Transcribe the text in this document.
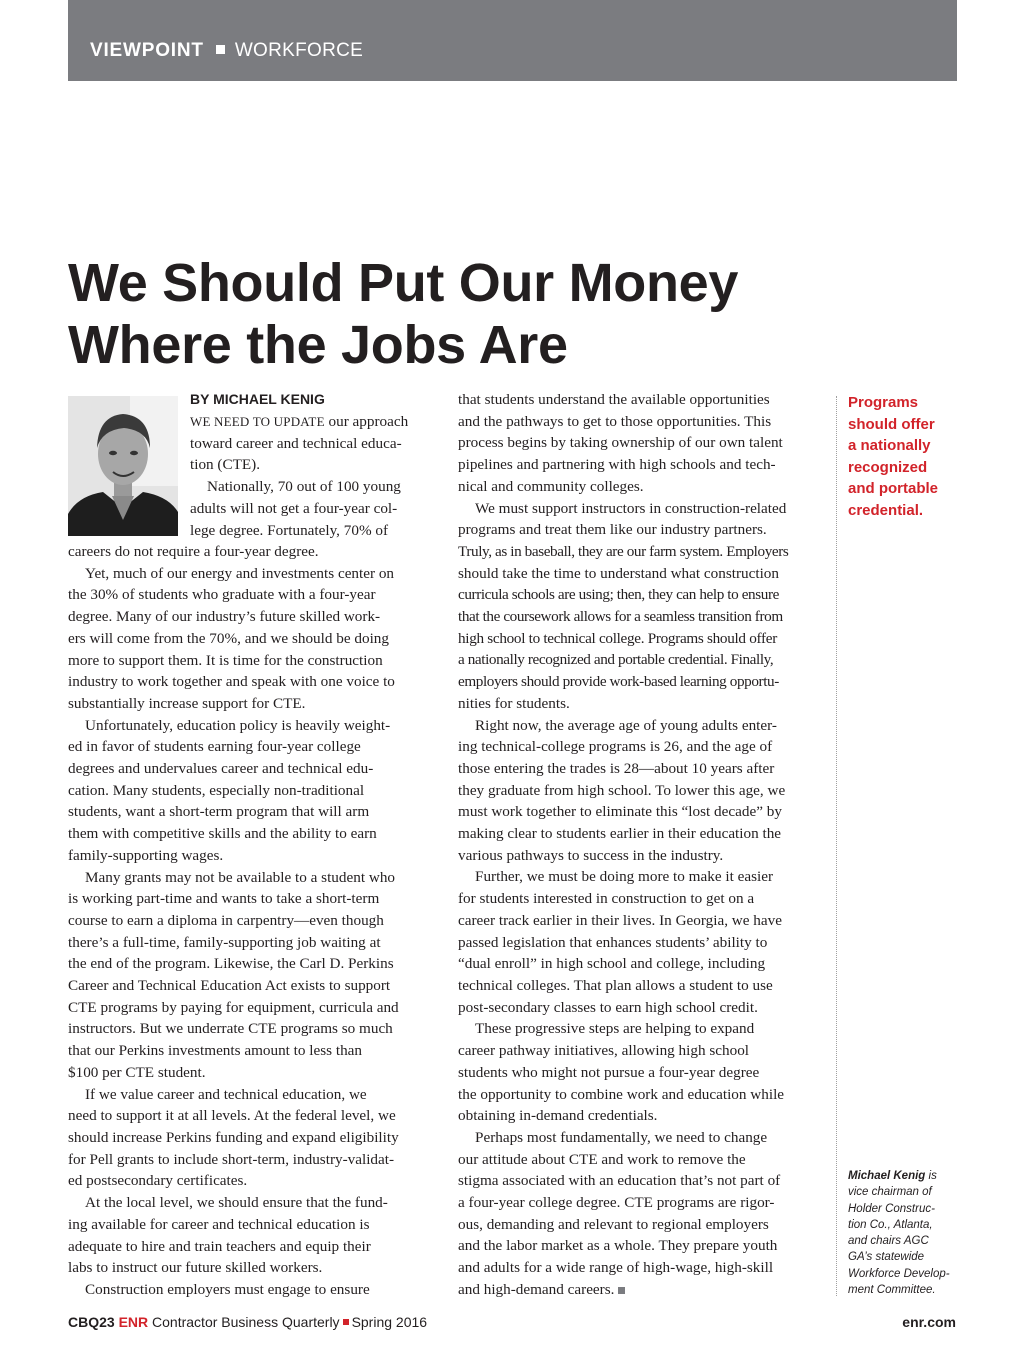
VIEWPOINT WORKFORCE
We Should Put Our Money
Where the Jobs Are
BY MICHAEL KENIG
WE NEED TO UPDATE our approach
toward career and technical educa-
tion (CTE).
Nationally, 70 out of 100 young
adults will not get a four-year col-
lege degree. Fortunately, 70% of
careers do not require a four-year degree.
Yet, much of our energy and investments center on
the 30% of students who graduate with a four-year
degree. Many of our industry’s future skilled work-
ers will come from the 70%, and we should be doing
more to support them. It is time for the construction
industry to work together and speak with one voice to
substantially increase support for CTE.
Unfortunately, education policy is heavily weight-
ed in favor of students earning four-year college
degrees and undervalues career and technical edu-
cation. Many students, especially non-traditional
students, want a short-term program that will arm
them with competitive skills and the ability to earn
family-supporting wages.
Many grants may not be available to a student who
is working part-time and wants to take a short-term
course to earn a diploma in carpentry—even though
there’s a full-time, family-supporting job waiting at
the end of the program. Likewise, the Carl D. Perkins
Career and Technical Education Act exists to support
CTE programs by paying for equipment, curricula and
instructors. But we underrate CTE programs so much
that our Perkins investments amount to less than
$100 per CTE student.
If we value career and technical education, we
need to support it at all levels. At the federal level, we
should increase Perkins funding and expand eligibility
for Pell grants to include short-term, industry-validat-
ed postsecondary certificates.
At the local level, we should ensure that the fund-
ing available for career and technical education is
adequate to hire and train teachers and equip their
labs to instruct our future skilled workers.
Construction employers must engage to ensure
that students understand the available opportunities
and the pathways to get to those opportunities. This
process begins by taking ownership of our own talent
pipelines and partnering with high schools and tech-
nical and community colleges.
We must support instructors in construction-related
programs and treat them like our industry partners.
Truly, as in baseball, they are our farm system. Employers
should take the time to understand what construction
curricula schools are using; then, they can help to ensure
that the coursework allows for a seamless transition from
high school to technical college. Programs should offer
a nationally recognized and portable credential. Finally,
employers should provide work-based learning opportu-
nities for students.
Right now, the average age of young adults enter-
ing technical-college programs is 26, and the age of
those entering the trades is 28—about 10 years after
they graduate from high school. To lower this age, we
must work together to eliminate this “lost decade” by
making clear to students earlier in their education the
various pathways to success in the industry.
Further, we must be doing more to make it easier
for students interested in construction to get on a
career track earlier in their lives. In Georgia, we have
passed legislation that enhances students’ ability to
“dual enroll” in high school and college, including
technical colleges. That plan allows a student to use
post-secondary classes to earn high school credit.
These progressive steps are helping to expand
career pathway initiatives, allowing high school
students who might not pursue a four-year degree
the opportunity to combine work and education while
obtaining in-demand credentials.
Perhaps most fundamentally, we need to change
our attitude about CTE and work to remove the
stigma associated with an education that’s not part of
a four-year college degree. CTE programs are rigor-
ous, demanding and relevant to regional employers
and the labor market as a whole. They prepare youth
and adults for a wide range of high-wage, high-skill
and high-demand careers.

Programs
should offer
a nationally
recognized
and portable
credential.

Michael Kenig is
vice chairman of
Holder Construc-
tion Co., Atlanta,
and chairs AGC
GA’s statewide
Workforce Develop-
ment Committee.
CBQ23 ENR Contractor Business Quarterly Spring 2016	enr.com
